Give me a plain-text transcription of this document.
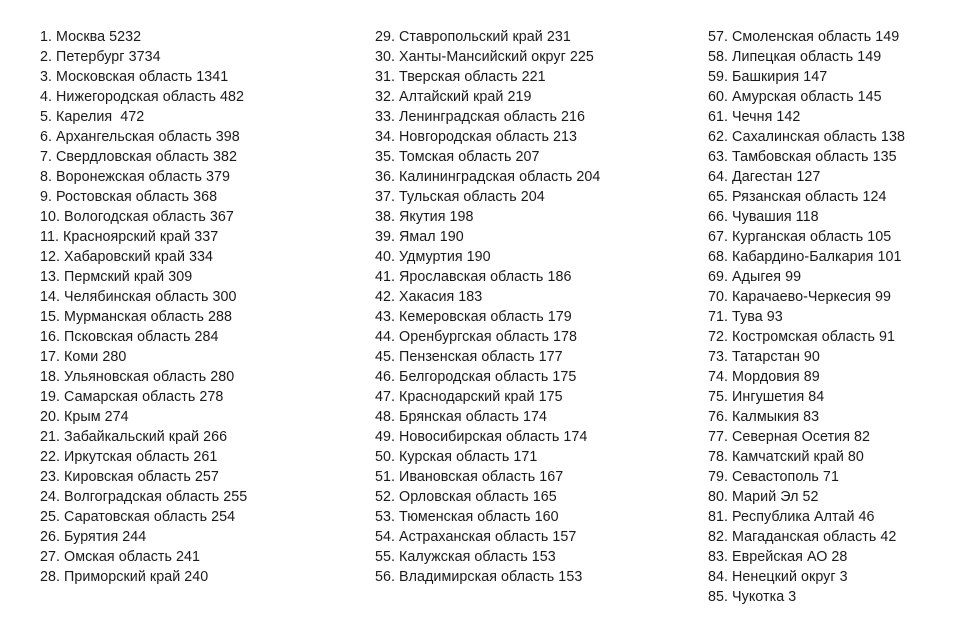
1. Москва 5232
2. Петербург 3734
3. Московская область 1341
4. Нижегородская область 482
5. Карелия  472
6. Архангельская область 398
7. Свердловская область 382
8. Воронежская область 379
9. Ростовская область 368
10. Вологодская область 367
11. Красноярский край 337
12. Хабаровский край 334
13. Пермский край 309
14. Челябинская область 300
15. Мурманская область 288
16. Псковская область 284
17. Коми 280
18. Ульяновская область 280
19. Самарская область 278
20. Крым 274
21. Забайкальский край 266
22. Иркутская область 261
23. Кировская область 257
24. Волгоградская область 255
25. Саратовская область 254
26. Бурятия 244
27. Омская область 241
28. Приморский край 240
29. Ставропольский край 231
30. Ханты-Мансийский округ 225
31. Тверская область 221
32. Алтайский край 219
33. Ленинградская область 216
34. Новгородская область 213
35. Томская область 207
36. Калининградская область 204
37. Тульская область 204
38. Якутия 198
39. Ямал 190
40. Удмуртия 190
41. Ярославская область 186
42. Хакасия 183
43. Кемеровская область 179
44. Оренбургская область 178
45. Пензенская область 177
46. Белгородская область 175
47. Краснодарский край 175
48. Брянская область 174
49. Новосибирская область 174
50. Курская область 171
51. Ивановская область 167
52. Орловская область 165
53. Тюменская область 160
54. Астраханская область 157
55. Калужская область 153
56. Владимирская область 153
57. Смоленская область 149
58. Липецкая область 149
59. Башкирия 147
60. Амурская область 145
61. Чечня 142
62. Сахалинская область 138
63. Тамбовская область 135
64. Дагестан 127
65. Рязанская область 124
66. Чувашия 118
67. Курганская область 105
68. Кабардино-Балкария 101
69. Адыгея 99
70. Карачаево-Черкесия 99
71. Тува 93
72. Костромская область 91
73. Татарстан 90
74. Мордовия 89
75. Ингушетия 84
76. Калмыкия 83
77. Северная Осетия 82
78. Камчатский край 80
79. Севастополь 71
80. Марий Эл 52
81. Республика Алтай 46
82. Магаданская область 42
83. Еврейская АО 28
84. Ненецкий округ 3
85. Чукотка 3
